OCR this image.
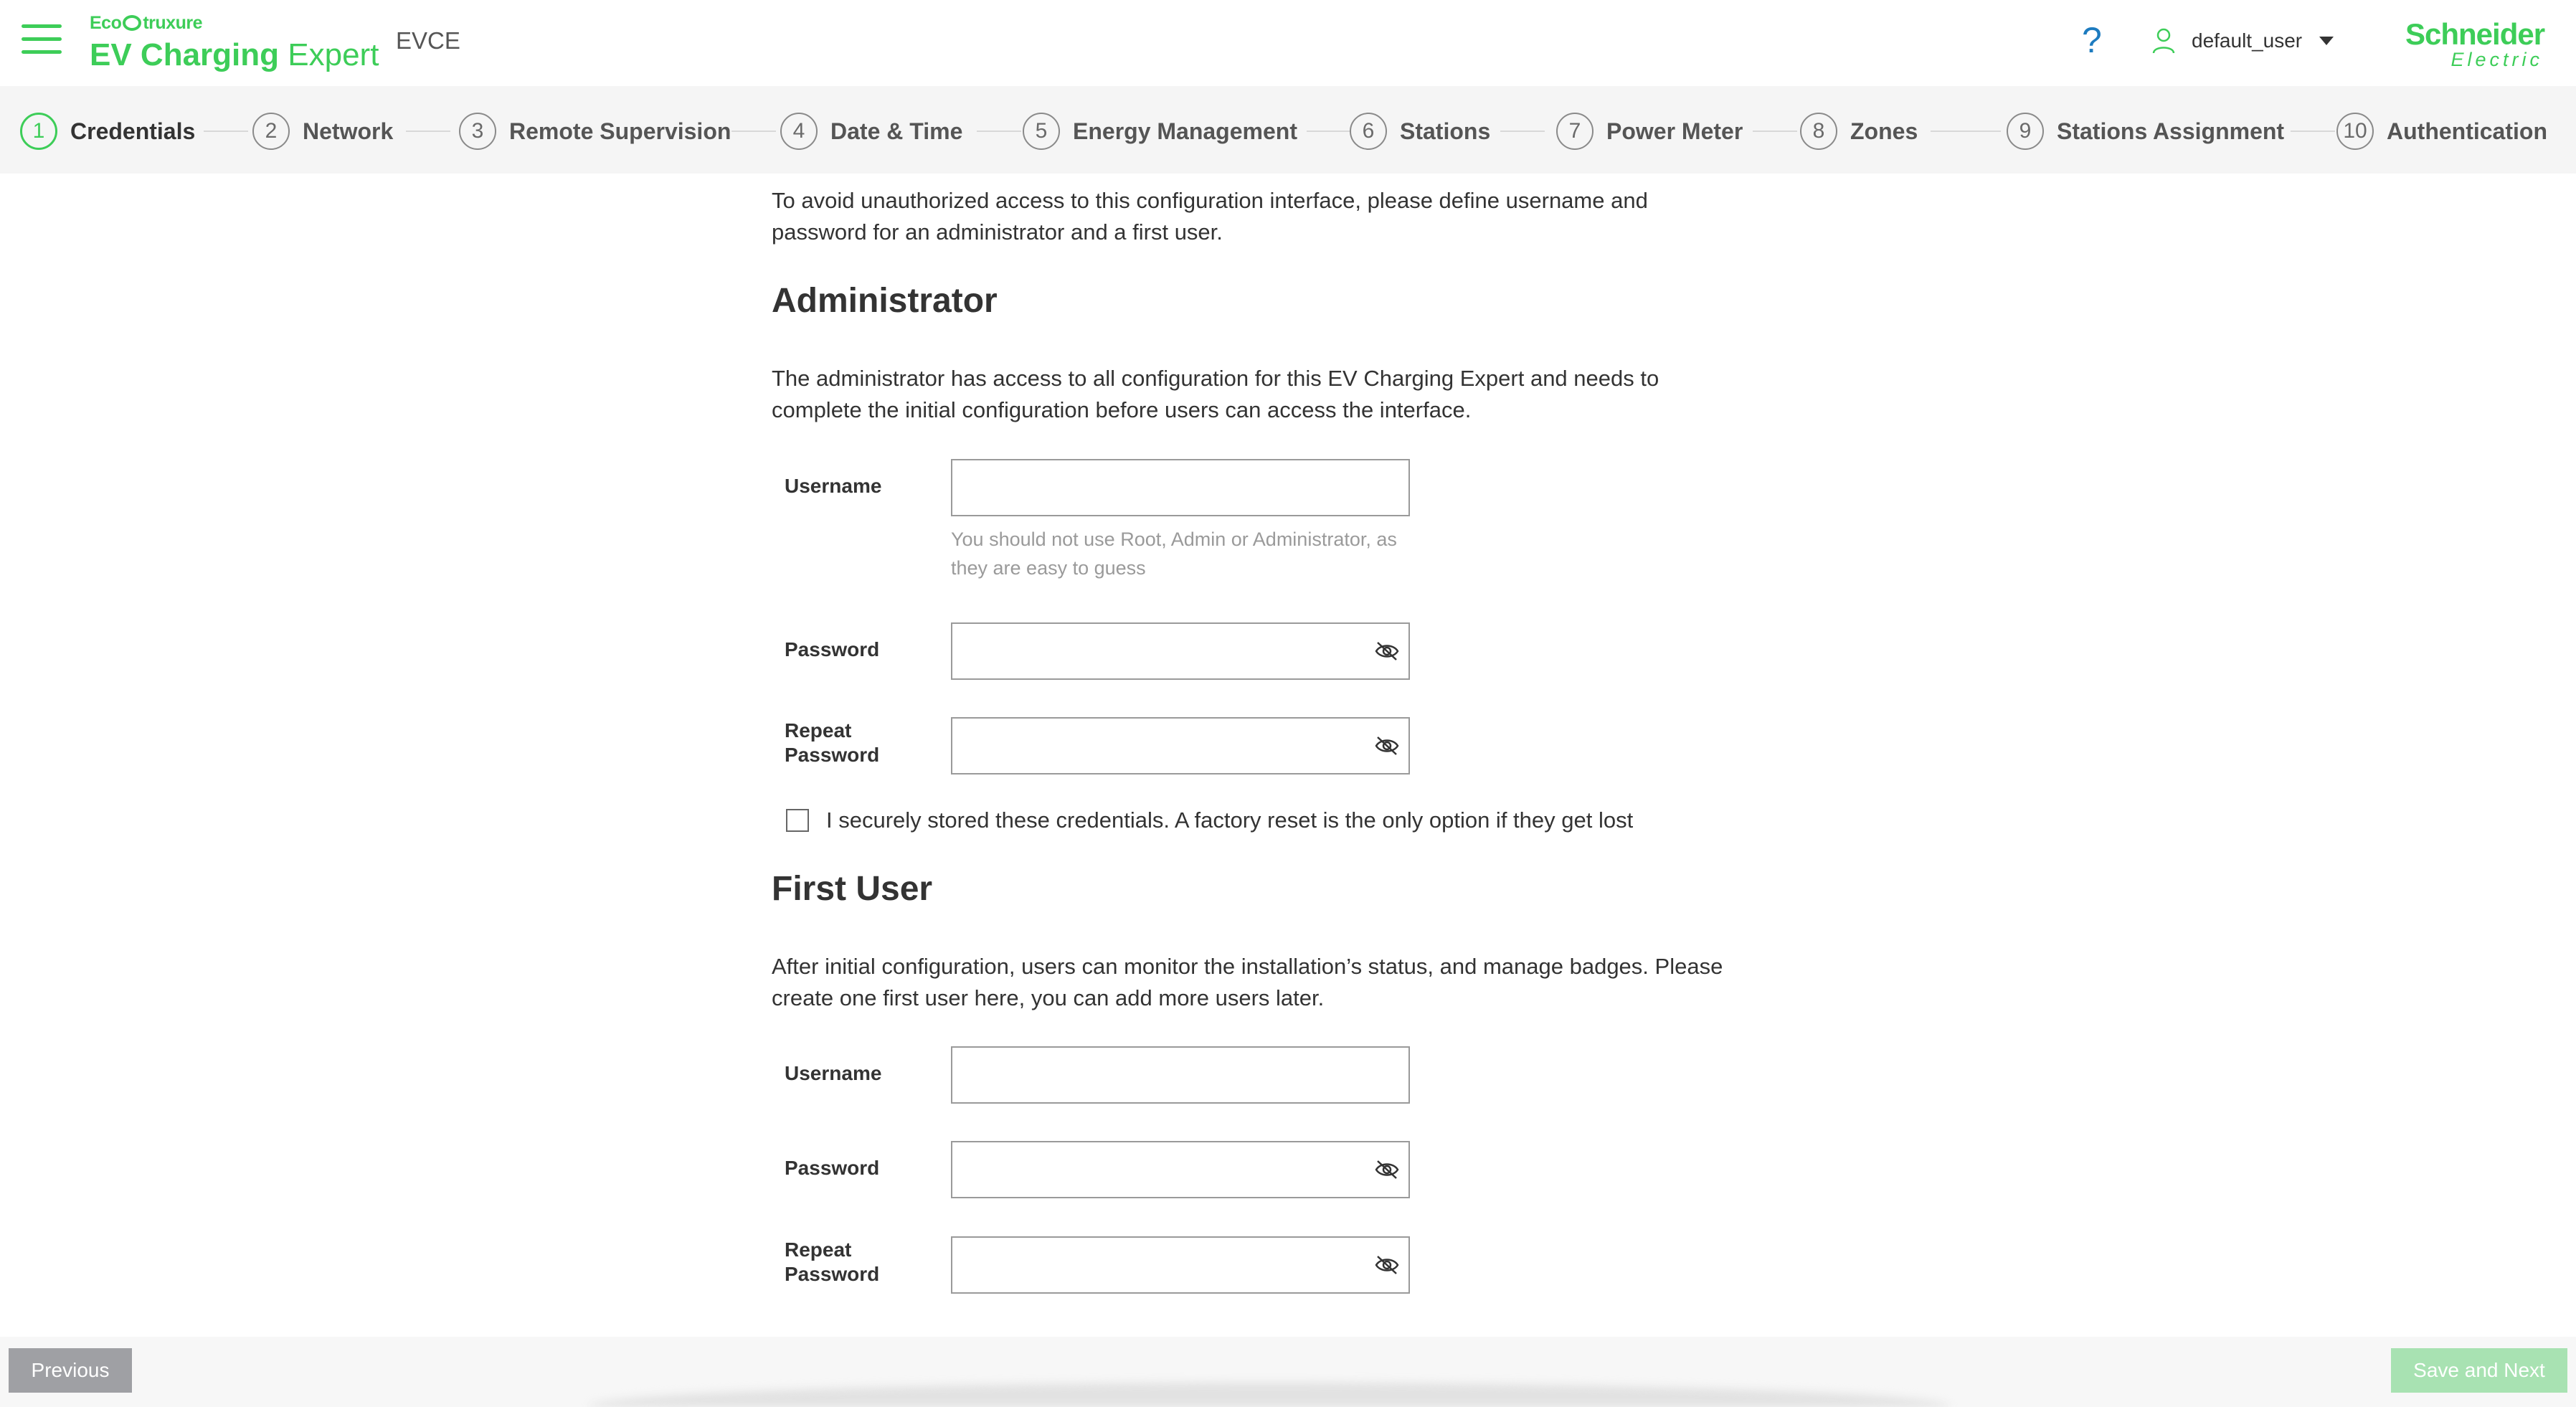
Eco truxure
EV Charging Expert EVCE	?	default_user	Schneider
Electric
1	Credentials	2	Network	3	Remote Supervision	4	Date & Time	5	Energy Management	6	Stations	7	Power Meter	8	Zones	9	Stations Assignment	10 Authentication
To avoid unauthorized access to this configuration interface, please define username and password for an administrator and a first user.
Administrator
The administrator has access to all configuration for this EV Charging Expert and needs to complete the initial configuration before users can access the interface.
Username
You should not use Root, Admin or Administrator, as they are easy to guess
Password
Repeat Password
I securely stored these credentials. A factory reset is the only option if they get lost
First User
After initial configuration, users can monitor the installation’s status, and manage badges. Please create one first user here, you can add more users later.
Username
Password
Repeat Password
Previous	Save and Next
